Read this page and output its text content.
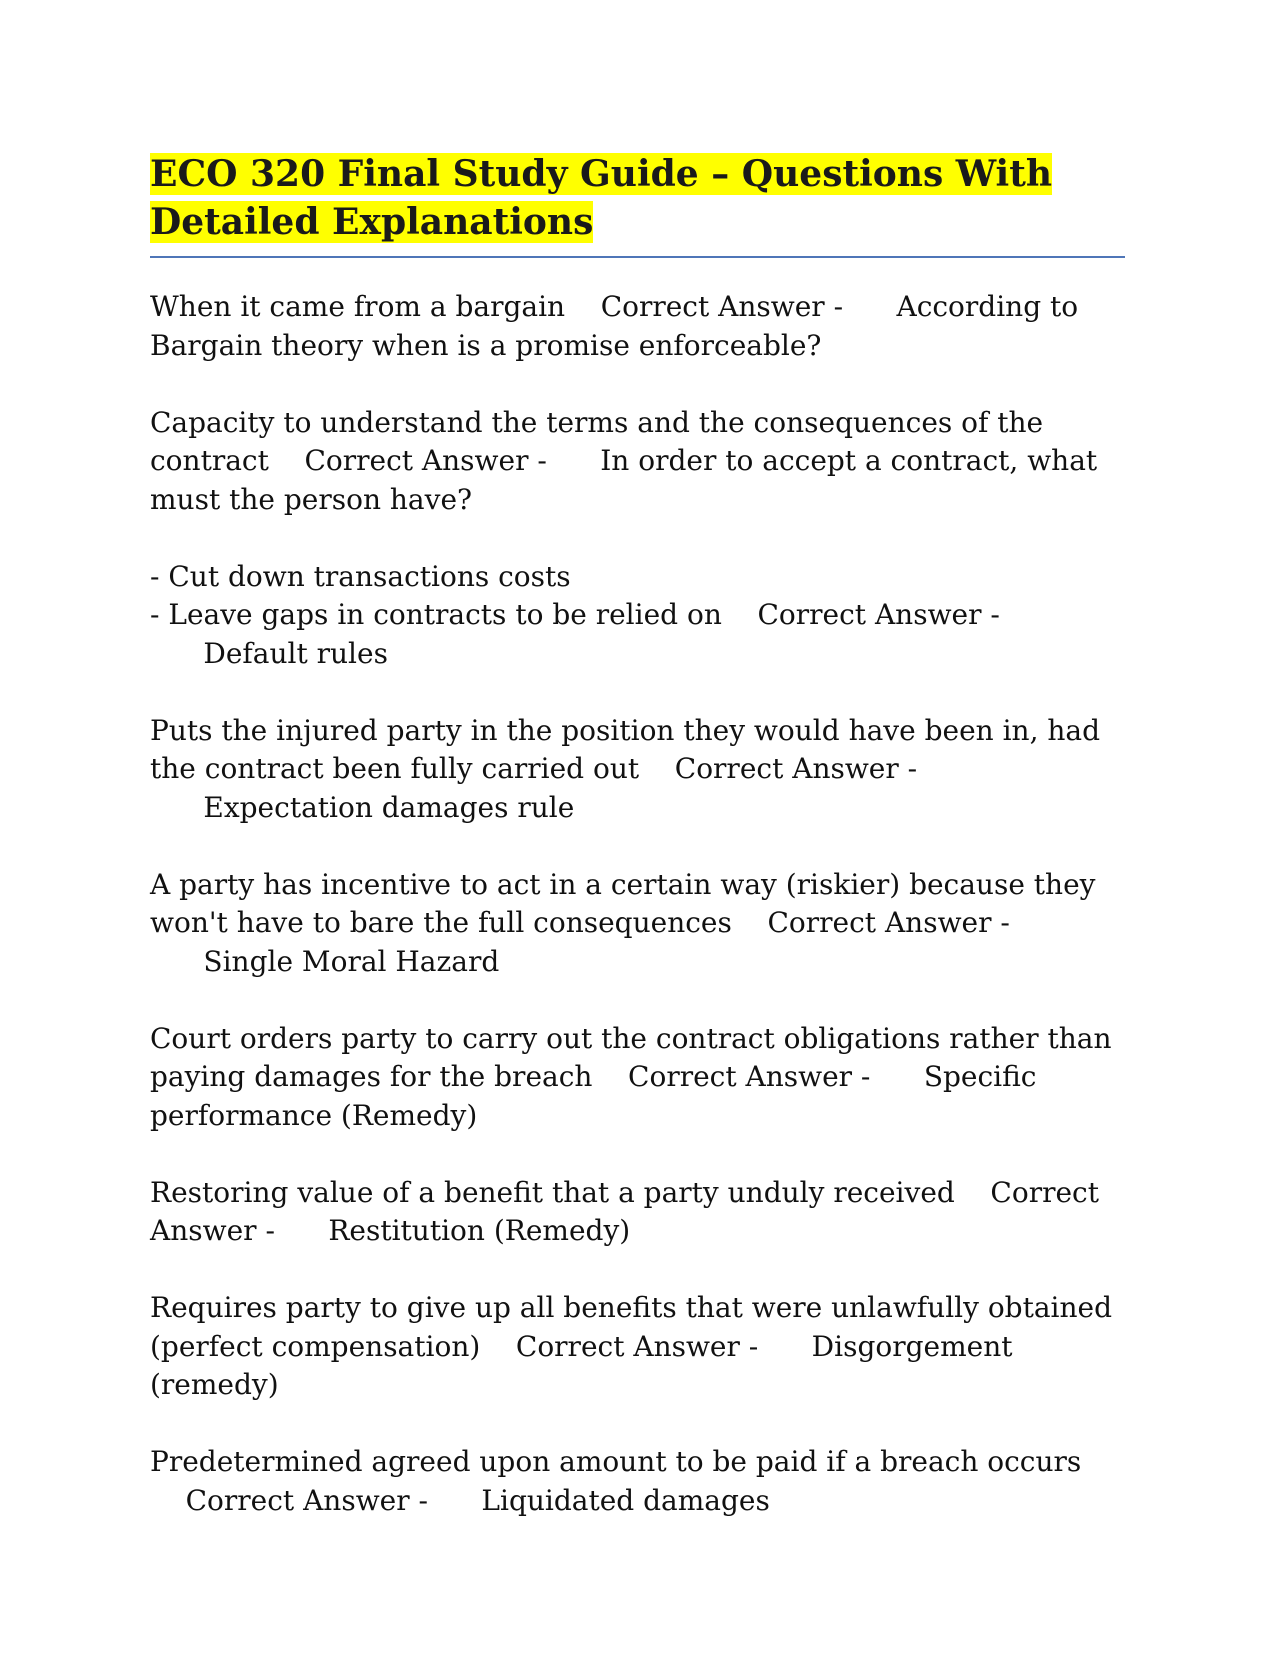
ECO 320 Final Study Guide – Questions With Detailed Explanations

When it came from a bargain Correct Answer - According to Bargain theory when is a promise enforceable?

Capacity to understand the terms and the consequences of the contract Correct Answer - In order to accept a contract, what must the person have?

- Cut down transactions costs
- Leave gaps in contracts to be relied on Correct Answer -      Default rules

Puts the injured party in the position they would have been in, had the contract been fully carried out Correct Answer -      Expectation damages rule

A party has incentive to act in a certain way (riskier) because they won't have to bare the full consequences Correct Answer -      Single Moral Hazard

Court orders party to carry out the contract obligations rather than paying damages for the breach Correct Answer - Specific performance (Remedy)

Restoring value of a benefit that a party unduly received Correct Answer - Restitution (Remedy)

Requires party to give up all benefits that were unlawfully obtained (perfect compensation) Correct Answer - Disgorgement (remedy)

Predetermined agreed upon amount to be paid if a breach occurs    Correct Answer - Liquidated damages
